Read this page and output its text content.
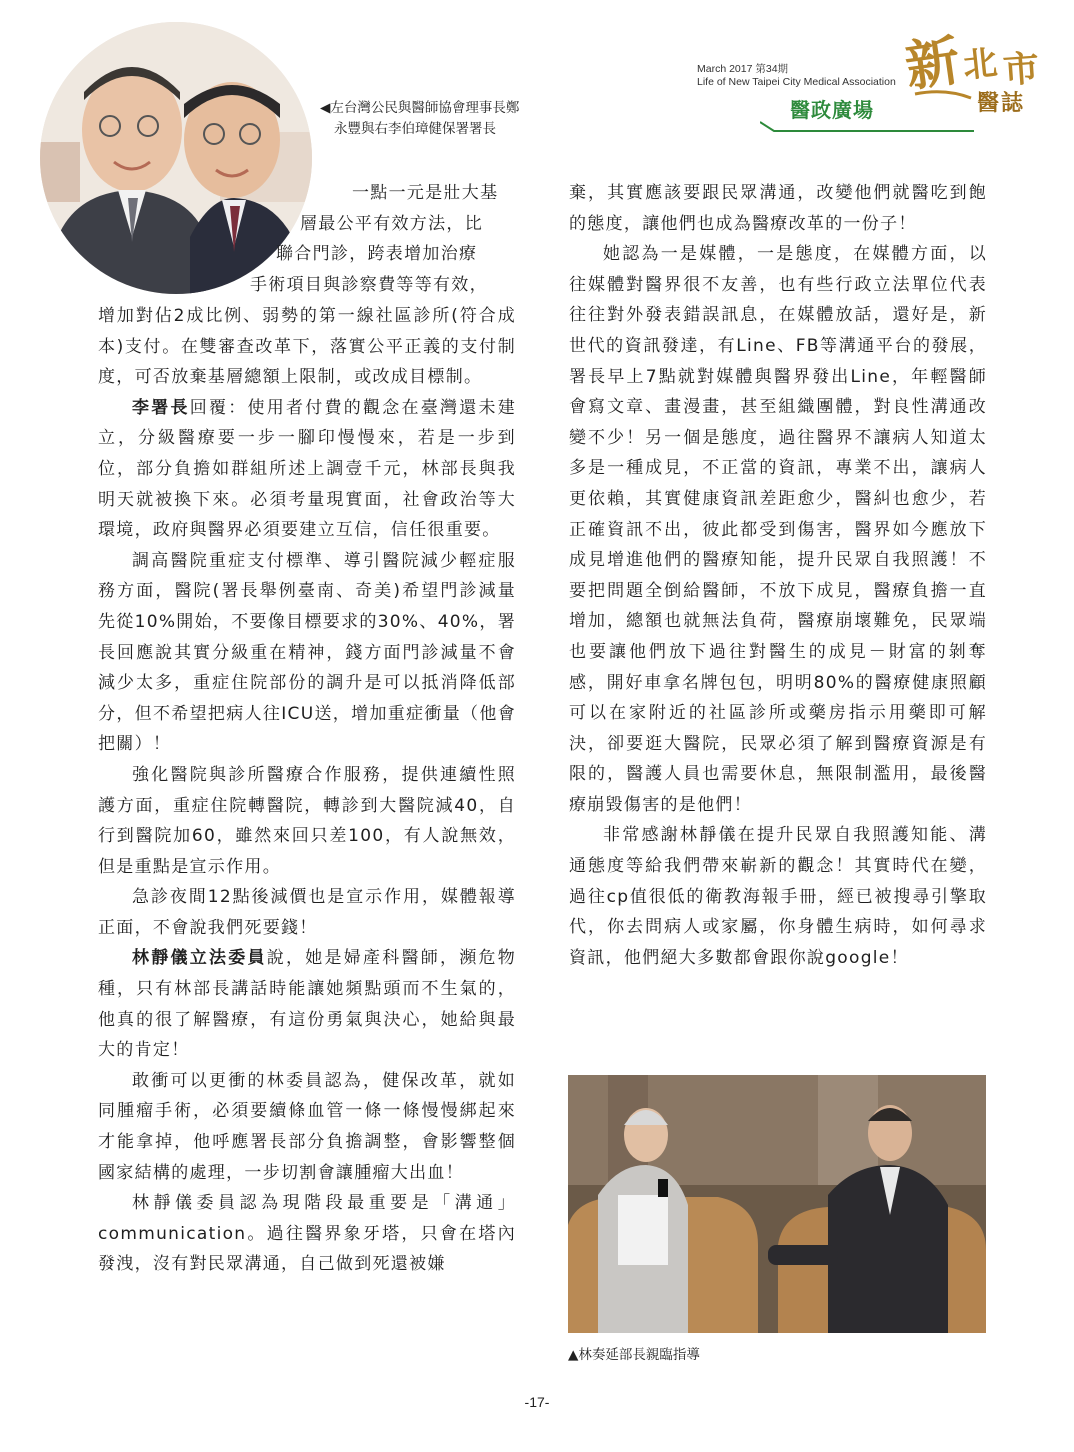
◀左台灣公民與醫師協會理事長鄭
永豐與右李伯璋健保署署長
March 2017 第34期
Life of New Taipei City Medical Association
醫政廣場
新
北 市
醫 誌
一點一元是壯大基
層最公平有效方法，比
聯合門診，跨表增加治療
手術項目與診察費等等有效，

增加對佔2成比例、弱勢的第一線社區診所(符合成本)支付。在雙審查改革下，落實公平正義的支付制度，可否放棄基層總額上限制，或改成目標制。

李署長回覆：使用者付費的觀念在臺灣還未建立，分級醫療要一步一腳印慢慢來，若是一步到位，部分負擔如群組所述上調壹千元，林部長與我明天就被換下來。必須考量現實面，社會政治等大環境，政府與醫界必須要建立互信，信任很重要。

調高醫院重症支付標準、導引醫院減少輕症服務方面，醫院(署長舉例臺南、奇美)希望門診減量先從10%開始，不要像目標要求的30%、40%，署長回應說其實分級重在精神，錢方面門診減量不會減少太多，重症住院部份的調升是可以抵消降低部分，但不希望把病人往ICU送，增加重症衝量（他會把關）！

強化醫院與診所醫療合作服務，提供連續性照護方面，重症住院轉醫院，轉診到大醫院減40，自行到醫院加60，雖然來回只差100，有人說無效，但是重點是宣示作用。

急診夜間12點後減價也是宣示作用，媒體報導正面，不會說我們死要錢！

林靜儀立法委員說，她是婦產科醫師，瀕危物種，只有林部長講話時能讓她頻點頭而不生氣的，他真的很了解醫療，有這份勇氣與決心，她給與最大的肯定！

敢衝可以更衝的林委員認為，健保改革，就如同腫瘤手術，必須要續條血管一條一條慢慢綁起來才能拿掉，他呼應署長部分負擔調整，會影響整個國家結構的處理，一步切割會讓腫瘤大出血！

林靜儀委員認為現階段最重要是「溝通」communication。過往醫界象牙塔，只會在塔內發洩，沒有對民眾溝通，自己做到死還被嫌

棄，其實應該要跟民眾溝通，改變他們就醫吃到飽的態度，讓他們也成為醫療改革的一份子！

她認為一是媒體，一是態度，在媒體方面，以往媒體對醫界很不友善，也有些行政立法單位代表往往對外發表錯誤訊息，在媒體放話，還好是，新世代的資訊發達，有Line、FB等溝通平台的發展，署長早上7點就對媒體與醫界發出Line，年輕醫師會寫文章、畫漫畫，甚至組織團體，對良性溝通改變不少！另一個是態度，過往醫界不讓病人知道太多是一種成見，不正當的資訊，專業不出，讓病人更依賴，其實健康資訊差距愈少，醫糾也愈少，若正確資訊不出，彼此都受到傷害，醫界如今應放下成見增進他們的醫療知能，提升民眾自我照護！不要把問題全倒給醫師，不放下成見，醫療負擔一直增加，總額也就無法負荷，醫療崩壞難免，民眾端也要讓他們放下過往對醫生的成見－財富的剝奪感，開好車拿名牌包包，明明80%的醫療健康照顧可以在家附近的社區診所或藥房指示用藥即可解決，卻要逛大醫院，民眾必須了解到醫療資源是有限的，醫護人員也需要休息，無限制濫用，最後醫療崩毀傷害的是他們！

非常感謝林靜儀在提升民眾自我照護知能、溝通態度等給我們帶來嶄新的觀念！其實時代在變，過往cp值很低的衛教海報手冊，經已被搜尋引擎取代，你去問病人或家屬，你身體生病時，如何尋求資訊，他們絕大多數都會跟你說google！

▲林奏延部長親臨指導
-17-
